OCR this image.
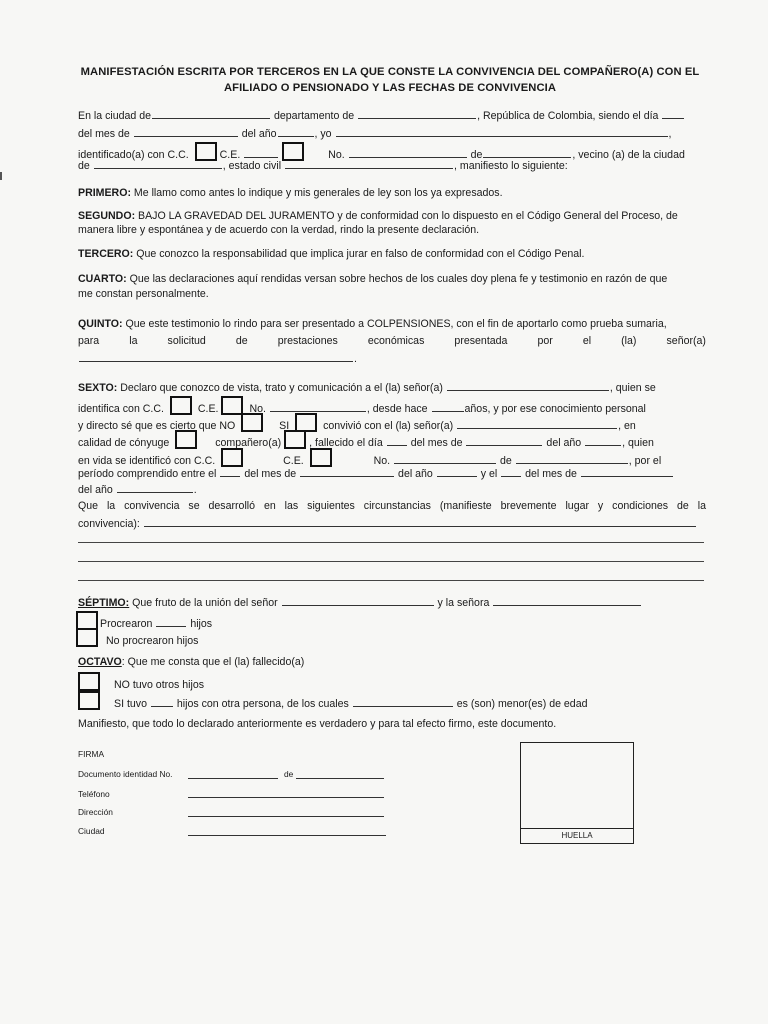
MANIFESTACIÓN ESCRITA POR TERCEROS EN LA QUE CONSTE LA CONVIVENCIA DEL COMPAÑERO(A) CON EL
AFILIADO O PENSIONADO Y LAS FECHAS DE CONVIVENCIA
En la ciudad de	departamento de	, República de Colombia, siendo el día
del mes de	del año	, yo	,
identificado(a) con C.C.	C.E.	No.	de	, vecino (a) de la ciudad
de	, estado civil	, manifiesto lo siguiente:
PRIMERO: Me llamo como antes lo indique y mis generales de ley son los ya expresados.
SEGUNDO: BAJO LA GRAVEDAD DEL JURAMENTO y de conformidad con lo dispuesto en el Código General del Proceso, de
manera libre y espontánea y de acuerdo con la verdad, rindo la presente declaración.
TERCERO: Que conozco la responsabilidad que implica jurar en falso de conformidad con el Código Penal.
CUARTO: Que las declaraciones aquí rendidas versan sobre hechos de los cuales doy plena fe y testimonio en razón de que
me constan personalmente.
QUINTO: Que este testimonio lo rindo para ser presentado a COLPENSIONES, con el fin de aportarlo como prueba sumaria,
para	la	solicitud	de	prestaciones	económicas	presentada	por	el	(la)	señor(a)
.
SEXTO: Declaro que conozco de vista, trato y comunicación a el (la) señor(a)	, quien se
identifica con C.C.	C.E.	No.	, desde hace	años, y por ese conocimiento personal
y directo sé que es cierto que NO	SI	convivió con el (la) señor(a)	, en
calidad de cónyuge	compañero(a)	, fallecido el día	del mes de	del año	, quien
en vida se identificó con C.C.	C.E.	No.	de	, por el
período comprendido entre el	del mes de	del año	y el	del mes de
del año	.
Que la convivencia se desarrolló en las siguientes circunstancias (manifieste brevemente lugar y condiciones de la
convivencia):
SÉPTIMO: Que fruto de la unión del señor	y la señora
Procrearon	hijos
No procrearon hijos
OCTAVO: Que me consta que el (la) fallecido(a)
NO tuvo otros hijos
SI tuvo	hijos con otra persona, de los cuales	es (son) menor(es) de edad
Manifiesto, que todo lo declarado anteriormente es verdadero y para tal efecto firmo, este documento.
FIRMA
Documento identidad No.	de
Teléfono
Dirección
Ciudad	HUELLA
